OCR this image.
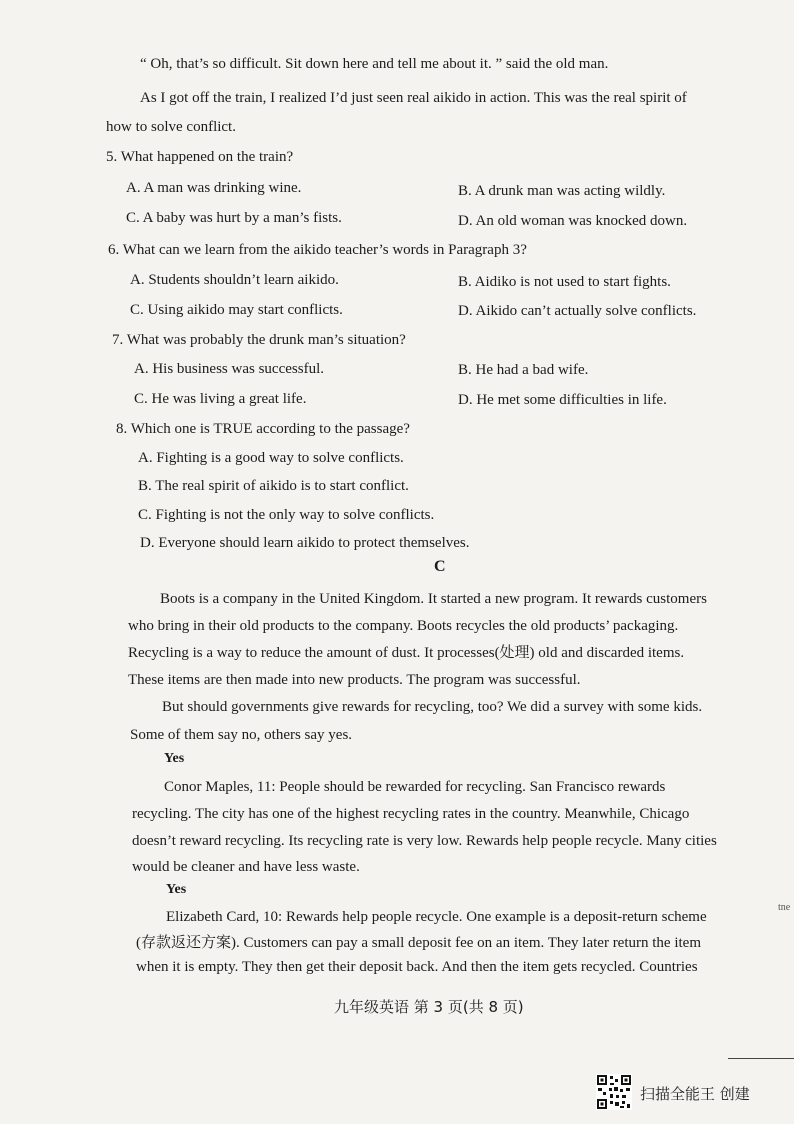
“ Oh, that’s so difficult. Sit down here and tell me about it. ” said the old man.
As I got off the train, I realized I’d just seen real aikido in action. This was the real spirit of
how to solve conflict.
5. What happened on the train?
A. A man was drinking wine.	B. A drunk man was acting wildly.
C. A baby was hurt by a man’s fists.	D. An old woman was knocked down.
6. What can we learn from the aikido teacher’s words in Paragraph 3?
A. Students shouldn’t learn aikido.	B. Aidiko is not used to start fights.
C. Using aikido may start conflicts.	D. Aikido can’t actually solve conflicts.
7. What was probably the drunk man’s situation?
A. His business was successful.	B. He had a bad wife.
C. He was living a great life.	D. He met some difficulties in life.
8. Which one is TRUE according to the passage?
A. Fighting is a good way to solve conflicts.
B. The real spirit of aikido is to start conflict.
C. Fighting is not the only way to solve conflicts.
D. Everyone should learn aikido to protect themselves.
C
Boots is a company in the United Kingdom. It started a new program. It rewards customers
who bring in their old products to the company. Boots recycles the old products’ packaging.
Recycling is a way to reduce the amount of dust. It processes(处理) old and discarded items.
These items are then made into new products. The program was successful.
But should governments give rewards for recycling, too? We did a survey with some kids.
Some of them say no, others say yes.
Yes
Conor Maples, 11: People should be rewarded for recycling. San Francisco rewards
recycling. The city has one of the highest recycling rates in the country. Meanwhile, Chicago
doesn’t reward recycling. Its recycling rate is very low. Rewards help people recycle. Many cities
would be cleaner and have less waste.
Yes
Elizabeth Card, 10: Rewards help people recycle. One example is a deposit-return scheme
(存款返还方案). Customers can pay a small deposit fee on an item. They later return the item
when it is empty. They then get their deposit back. And then the item gets recycled. Countries
tne
九年级英语 第 3 页(共 8 页)
扫描全能王 创建
